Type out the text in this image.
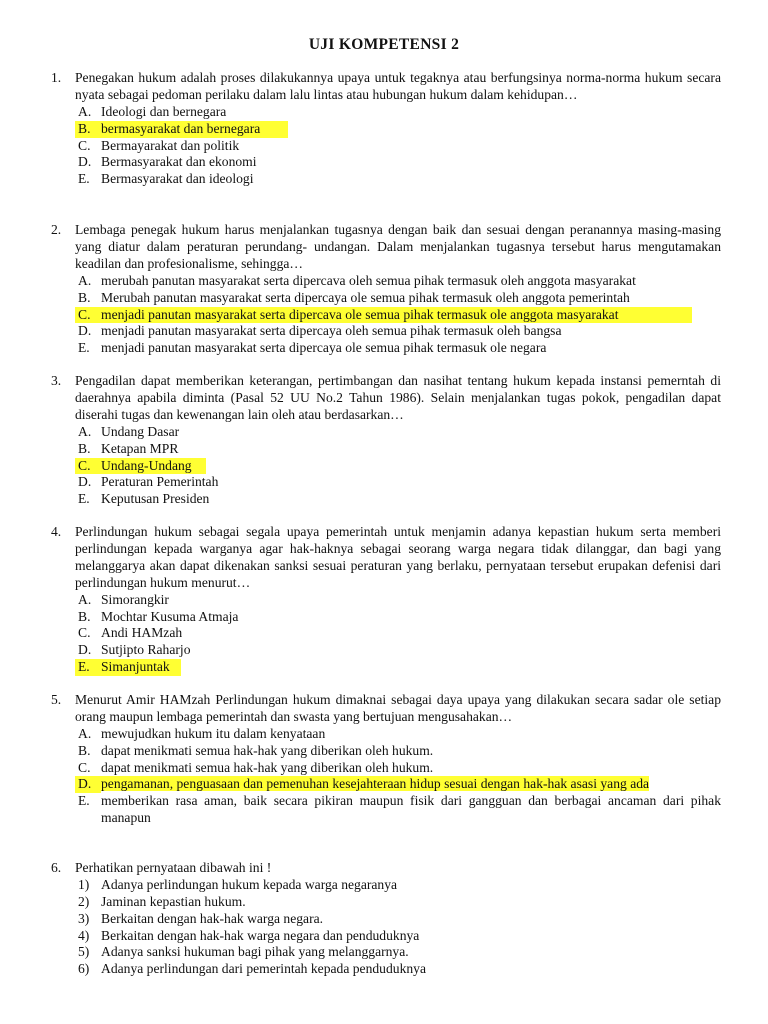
UJI KOMPETENSI 2
1. Penegakan hukum adalah proses dilakukannya upaya untuk tegaknya atau berfungsinya norma-norma hukum secara nyata sebagai pedoman perilaku dalam lalu lintas atau hubungan hukum dalam kehidupan…
A. Ideologi dan bernegara
B. bermasyarakat dan bernegara
C. Bermayarakat dan politik
D. Bermasyarakat dan ekonomi
E. Bermasyarakat dan ideologi
2. Lembaga penegak hukum harus menjalankan tugasnya dengan baik dan sesuai dengan peranannya masing-masing yang diatur dalam peraturan perundang- undangan. Dalam menjalankan tugasnya tersebut harus mengutamakan keadilan dan profesionalisme, sehingga…
A. merubah panutan masyarakat serta dipercava oleh semua pihak termasuk oleh anggota masyarakat
B. Merubah panutan masyarakat serta dipercaya ole semua pihak termasuk oleh anggota pemerintah
C. menjadi panutan masyarakat serta dipercava ole semua pihak termasuk ole anggota masyarakat
D. menjadi panutan masyarakat serta dipercaya oleh semua pihak termasuk oleh bangsa
E. menjadi panutan masyarakat serta dipercaya ole semua pihak termasuk ole negara
3. Pengadilan dapat memberikan keterangan, pertimbangan dan nasihat tentang hukum kepada instansi pemerntah di daerahnya apabila diminta (Pasal 52 UU No.2 Tahun 1986). Selain menjalankan tugas pokok, pengadilan dapat diserahi tugas dan kewenangan lain oleh atau berdasarkan…
A. Undang Dasar
B. Ketapan MPR
C. Undang-Undang
D. Peraturan Pemerintah
E. Keputusan Presiden
4. Perlindungan hukum sebagai segala upaya pemerintah untuk menjamin adanya kepastian hukum serta memberi perlindungan kepada warganya agar hak-haknya sebagai seorang warga negara tidak dilanggar, dan bagi yang melanggarya akan dapat dikenakan sanksi sesuai peraturan yang berlaku, pernyataan tersebut erupakan defenisi dari perlindungan hukum menurut…
A. Simorangkir
B. Mochtar Kusuma Atmaja
C. Andi HAMzah
D. Sutjipto Raharjo
E. Simanjuntak
5. Menurut Amir HAMzah Perlindungan hukum dimaknai sebagai daya upaya yang dilakukan secara sadar ole setiap orang maupun lembaga pemerintah dan swasta yang bertujuan mengusahakan…
A. mewujudkan hukum itu dalam kenyataan
B. dapat menikmati semua hak-hak yang diberikan oleh hukum.
C. dapat menikmati semua hak-hak yang diberikan oleh hukum.
D. pengamanan, penguasaan dan pemenuhan kesejahteraan hidup sesuai dengan hak-hak asasi yang ada
E. memberikan rasa aman, baik secara pikiran maupun fisik dari gangguan dan berbagai ancaman dari pihak manapun
6. Perhatikan pernyataan dibawah ini !
1) Adanya perlindungan hukum kepada warga negaranya
2) Jaminan kepastian hukum.
3) Berkaitan dengan hak-hak warga negara.
4) Berkaitan dengan hak-hak warga negara dan penduduknya
5) Adanya sanksi hukuman bagi pihak yang melanggarnya.
6) Adanya perlindungan dari pemerintah kepada penduduknya
